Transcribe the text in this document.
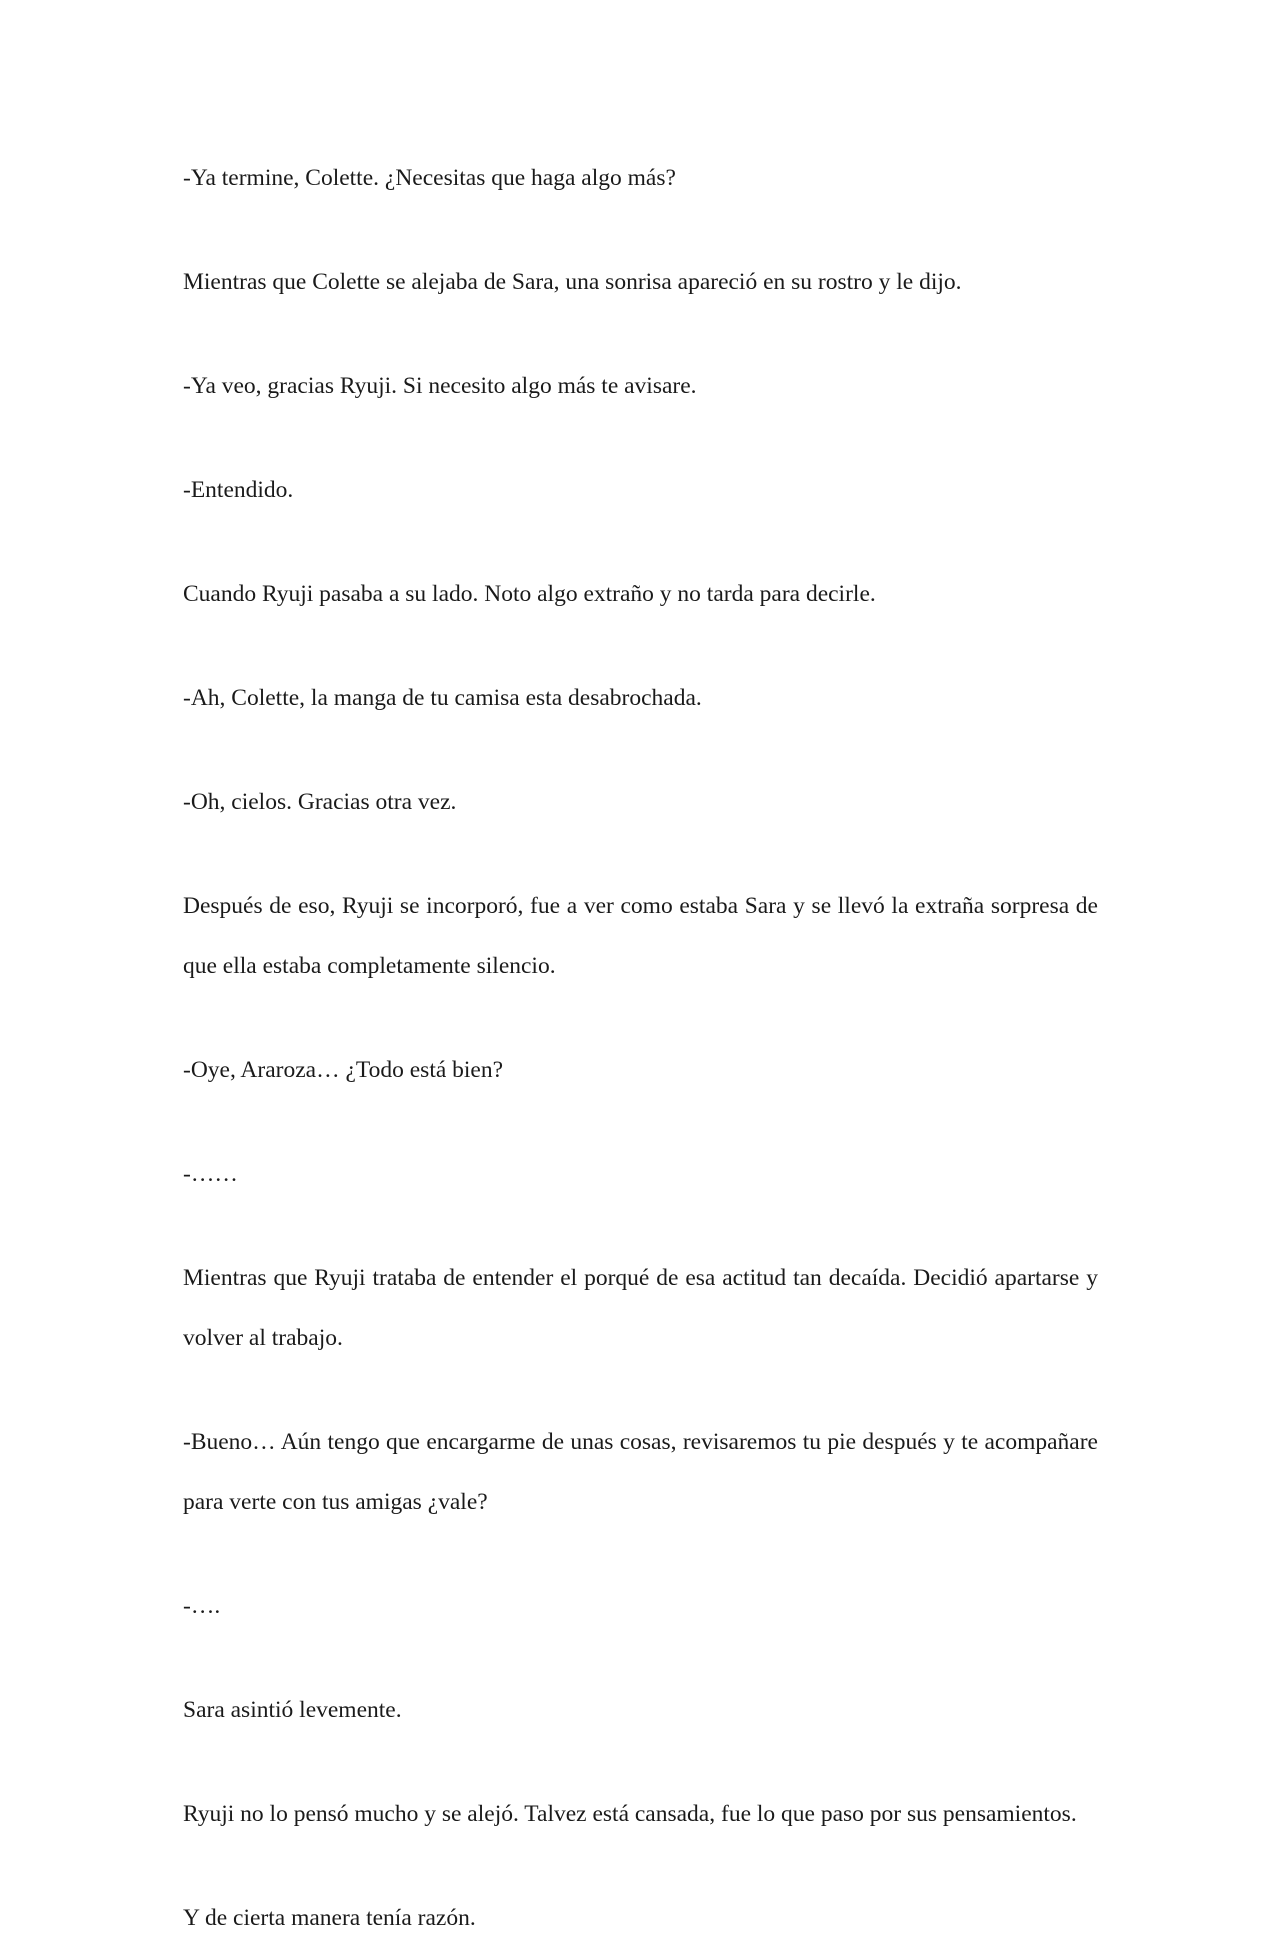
-Ya termine, Colette. ¿Necesitas que haga algo más?

Mientras que Colette se alejaba de Sara, una sonrisa apareció en su rostro y le dijo.

-Ya veo, gracias Ryuji. Si necesito algo más te avisare.

-Entendido.

Cuando Ryuji pasaba a su lado. Noto algo extraño y no tarda para decirle.

-Ah, Colette, la manga de tu camisa esta desabrochada.

-Oh, cielos. Gracias otra vez.

Después de eso, Ryuji se incorporó, fue a ver como estaba Sara y se llevó la extraña sorpresa de que ella estaba completamente silencio.

-Oye, Araroza… ¿Todo está bien?

-……

Mientras que Ryuji trataba de entender el porqué de esa actitud tan decaída. Decidió apartarse y volver al trabajo.

-Bueno… Aún tengo que encargarme de unas cosas, revisaremos tu pie después y te acompañare para verte con tus amigas ¿vale?

-….

Sara asintió levemente.

Ryuji no lo pensó mucho y se alejó. Talvez está cansada, fue lo que paso por sus pensamientos.

Y de cierta manera tenía razón.
